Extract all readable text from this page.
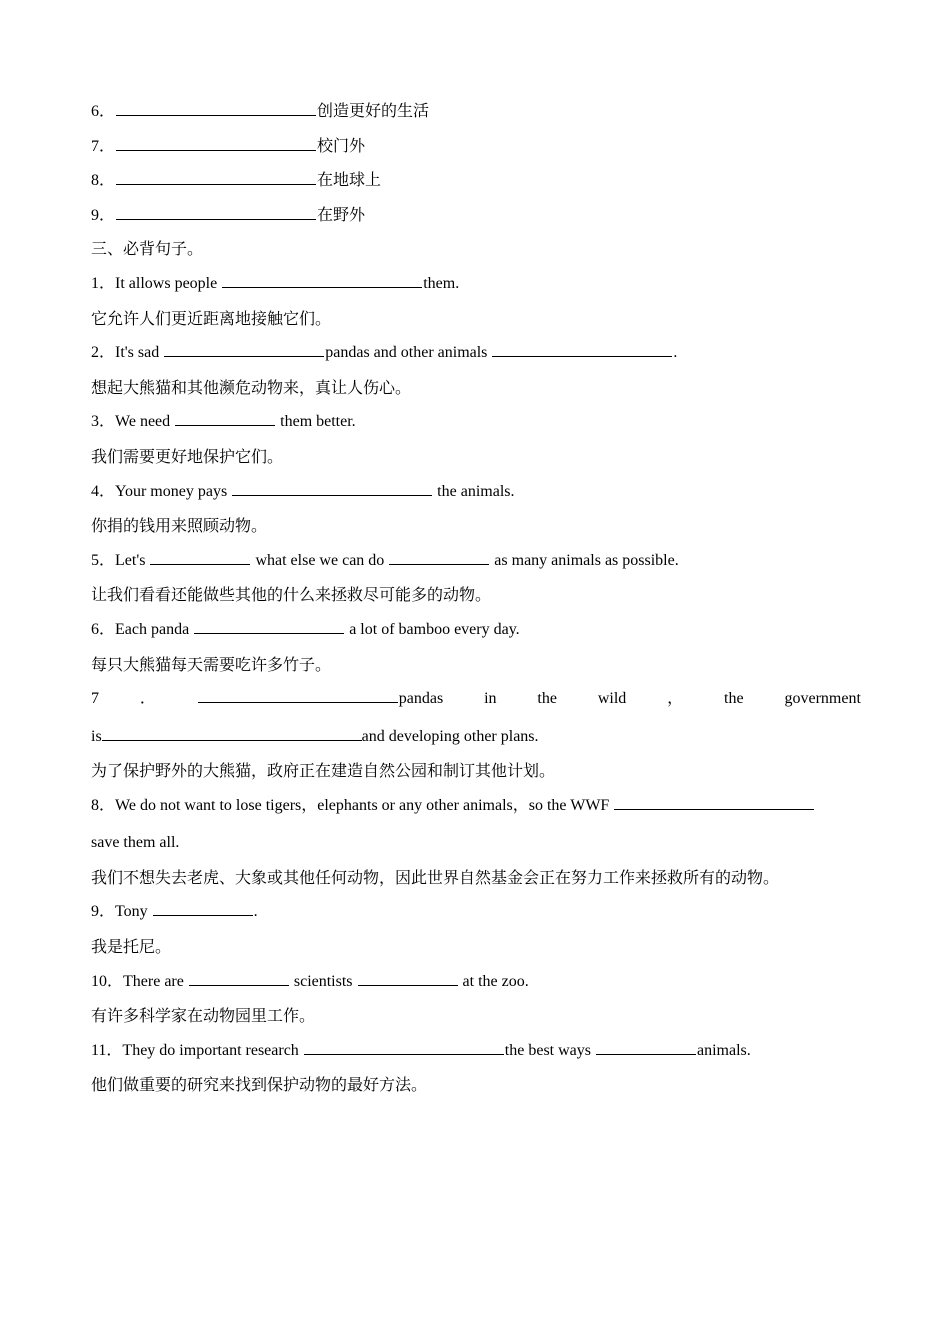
6．	创造更好的生活
7．	校门外
8．	在地球上
9．	在野外
三、必背句子。
1．It allows people	them.
它允许人们更近距离地接触它们。
2．It's sad	pandas and other animals	.
想起大熊猫和其他濒危动物来，真让人伤心。
3．We need	them better.
我们需要更好地保护它们。
4．Your money pays	the animals.
你捐的钱用来照顾动物。
5．Let's	what else we can do	as many animals as possible.
让我们看看还能做些其他的什么来拯救尽可能多的动物。
6．Each panda	a lot of bamboo every day.
每只大熊猫每天需要吃许多竹子。
7	．	pandas	in	the	wild	，	the	government
is	and developing other plans.
为了保护野外的大熊猫，政府正在建造自然公园和制订其他计划。
8．We do not want to lose tigers，elephants or any other animals，so the WWF
save them all.
我们不想失去老虎、大象或其他任何动物，因此世界自然基金会正在努力工作来拯救所有的动物。
9．Tony	.
我是托尼。
10．There are	scientists	at the zoo.
有许多科学家在动物园里工作。
11．They do important research	the best ways	animals.
他们做重要的研究来找到保护动物的最好方法。
